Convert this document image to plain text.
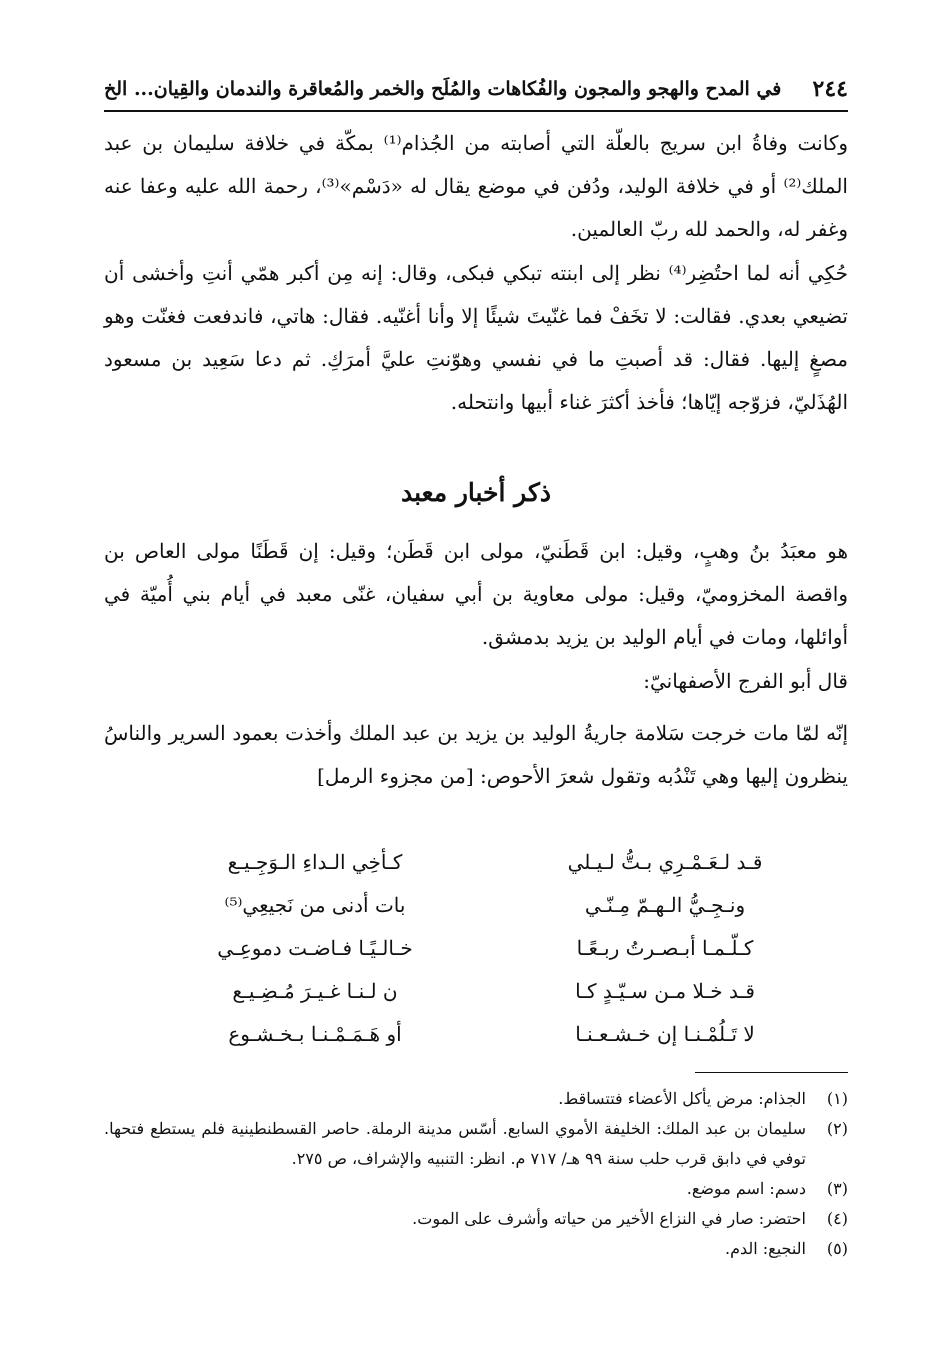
٢٤٤
في المدح والهجو والمجون والفُكاهات والمُلَح والخمر والمُعاقرة والندمان والقِيان... الخ

وكانت وفاةُ ابن سريج بالعلّة التي أصابته من الجُذام⁽¹⁾ بمكّة في خلافة سليمان بن عبد الملك⁽²⁾ أو في خلافة الوليد، ودُفن في موضع يقال له «دَسْم»⁽³⁾، رحمة الله عليه وعفا عنه وغفر له، والحمد لله ربّ العالمين.

حُكِي أنه لما احتُضِر⁽⁴⁾ نظر إلى ابنته تبكي فبكى، وقال: إنه مِن أكبر همّي أنتِ وأخشى أن تضيعي بعدي. فقالت: لا تخَفْ فما غنّيتَ شيئًا إلا وأنا أغنّيه. فقال: هاتي، فاندفعت فغنّت وهو مصغٍ إليها. فقال: قد أصبتِ ما في نفسي وهوّنتِ عليَّ أمرَكِ. ثم دعا سَعِيد بن مسعود الهُذَليّ، فزوّجه إيّاها؛ فأخذ أكثرَ غناء أبيها وانتحله.

ذكر أخبار معبد

هو معبَدُ بنُ وهبٍ، وقيل: ابن قَطَنيّ، مولى ابن قَطَن؛ وقيل: إن قَطَنًا مولى العاص بن واقصة المخزوميّ، وقيل: مولى معاوية بن أبي سفيان، غنّى معبد في أيام بني أُميّة في أوائلها، ومات في أيام الوليد بن يزيد بدمشق.

قال أبو الفرج الأصفهانيّ:

إنّه لمّا مات خرجت سَلامة جاريةُ الوليد بن يزيد بن عبد الملك وأخذت بعمود السرير والناسُ ينظرون إليها وهي تَنْدُبه وتقول شعرَ الأحوص: [من مجزوء الرمل]

قـد لـعَـمْـرِي بـتُّ لـيـلي
كـأخِي الـداءِ الـوَجِـيـع
ونـجِـيُّ الـهـمّ مِـنّـي
بات أدنى من نَجيعِي⁽⁵⁾
كـلّـمـا أبـصـرتُ ربـعًـا
خـالـيًـا فـاضـت دموعِـي
قـد خـلا مـن سـيّـدٍ كـا
ن لـنـا غـيـرَ مُـضِـيـع
لا تَـلُمْـنـا إن خـشـعـنـا
أو هَـمَـمْـنـا بـخـشـوع
(١)
الجذام: مرض يأكل الأعضاء فتتساقط.
(٢)
سليمان بن عبد الملك: الخليفة الأموي السابع. أسّس مدينة الرملة. حاصر القسطنطينية فلم يستطع فتحها. توفي في دابق قرب حلب سنة ٩٩ هـ/ ٧١٧ م. انظر: التنبيه والإشراف، ص ٢٧٥.
(٣)
دسم: اسم موضع.
(٤)
احتضر: صار في النزاع الأخير من حياته وأشرف على الموت.
(٥)
النجيع: الدم.
